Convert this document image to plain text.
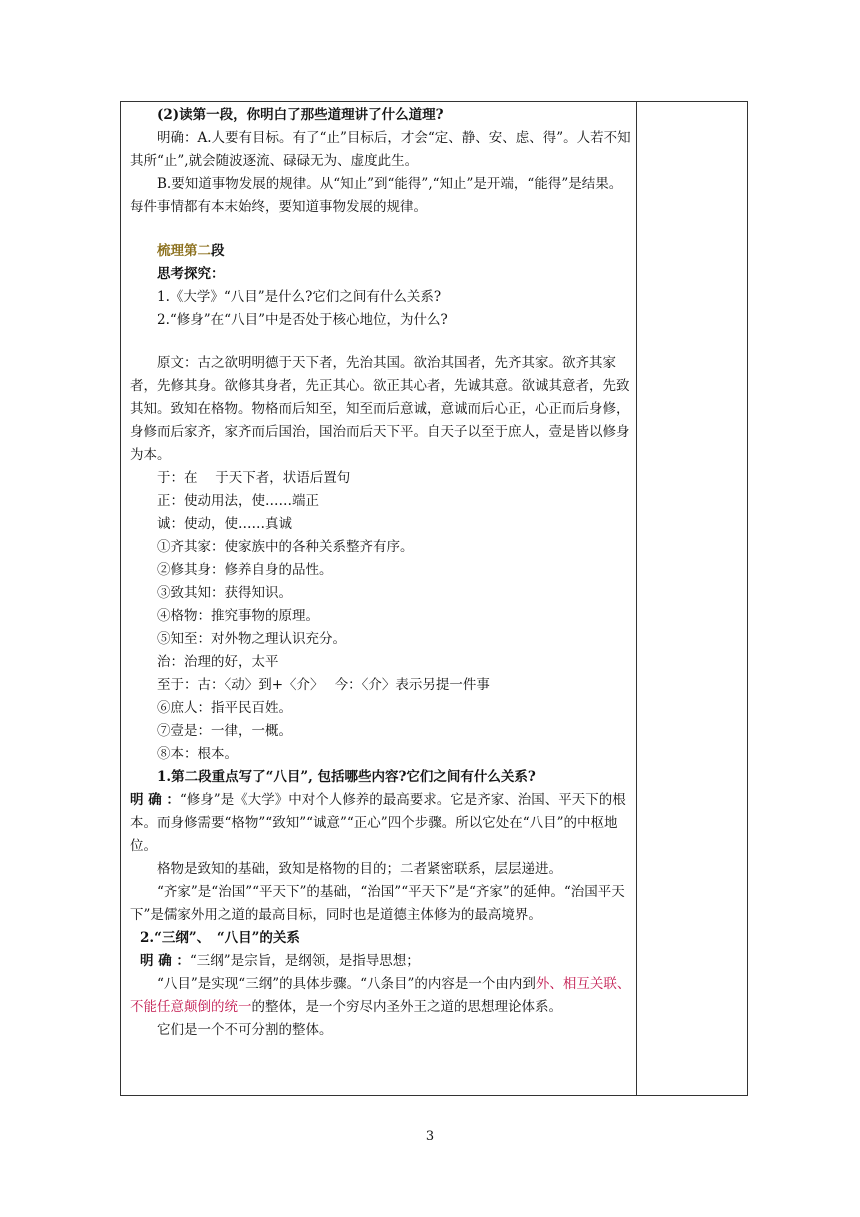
(2)读第一段，你明白了那些道理讲了什么道理?

明确：A.人要有目标。有了“止”目标后，才会“定、静、安、虑、得”。人若不知其所“止”,就会随波逐流、碌碌无为、虚度此生。

B.要知道事物发展的规律。从“知止”到“能得”,“知止”是开端，“能得”是结果。每件事情都有本末始终，要知道事物发展的规律。

梳理第二段

思考探究：

1.《大学》“八目”是什么?它们之间有什么关系?

2.“修身”在“八目”中是否处于核心地位，为什么?

原文：古之欲明明德于天下者，先治其国。欲治其国者，先齐其家。欲齐其家者，先修其身。欲修其身者，先正其心。欲正其心者，先诚其意。欲诚其意者，先致其知。致知在格物。物格而后知至，知至而后意诚，意诚而后心正，心正而后身修，身修而后家齐，家齐而后国治，国治而后天下平。自天子以至于庶人，壹是皆以修身为本。

于：在　 于天下者，状语后置句

正：使动用法，使……端正

诚：使动，使……真诚

①齐其家：使家族中的各种关系整齐有序。

②修其身：修养自身的品性。

③致其知：获得知识。

④格物：推究事物的原理。

⑤知至：对外物之理认识充分。

治：治理的好，太平

至于：古：〈动〉到+〈介〉　 今：〈介〉表示另提一件事

⑥庶人：指平民百姓。

⑦壹是：一律，一概。

⑧本：根本。

1.第二段重点写了“八目”, 包括哪些内容?它们之间有什么关系?

明 确 ：“修身”是《大学》中对个人修养的最高要求。它是齐家、治国、平天下的根本。而身修需要“格物”“致知”“诚意”“正心”四个步骤。所以它处在“八目”的中枢地位。

格物是致知的基础，致知是格物的目的；二者紧密联系，层层递进。

“齐家”是“治国”“平天下”的基础，“治国”“平天下”是“齐家”的延伸。“治国平天下”是儒家外用之道的最高目标，同时也是道德主体修为的最高境界。

2.“三纲”、　“八目”的关系

明 确 ：“三纲”是宗旨，是纲领，是指导思想；

“八目”是实现“三纲”的具体步骤。“八条目”的内容是一个由内到外、相互关联、不能任意颠倒的统一的整体，是一个穷尽内圣外王之道的思想理论体系。

它们是一个不可分割的整体。

3
